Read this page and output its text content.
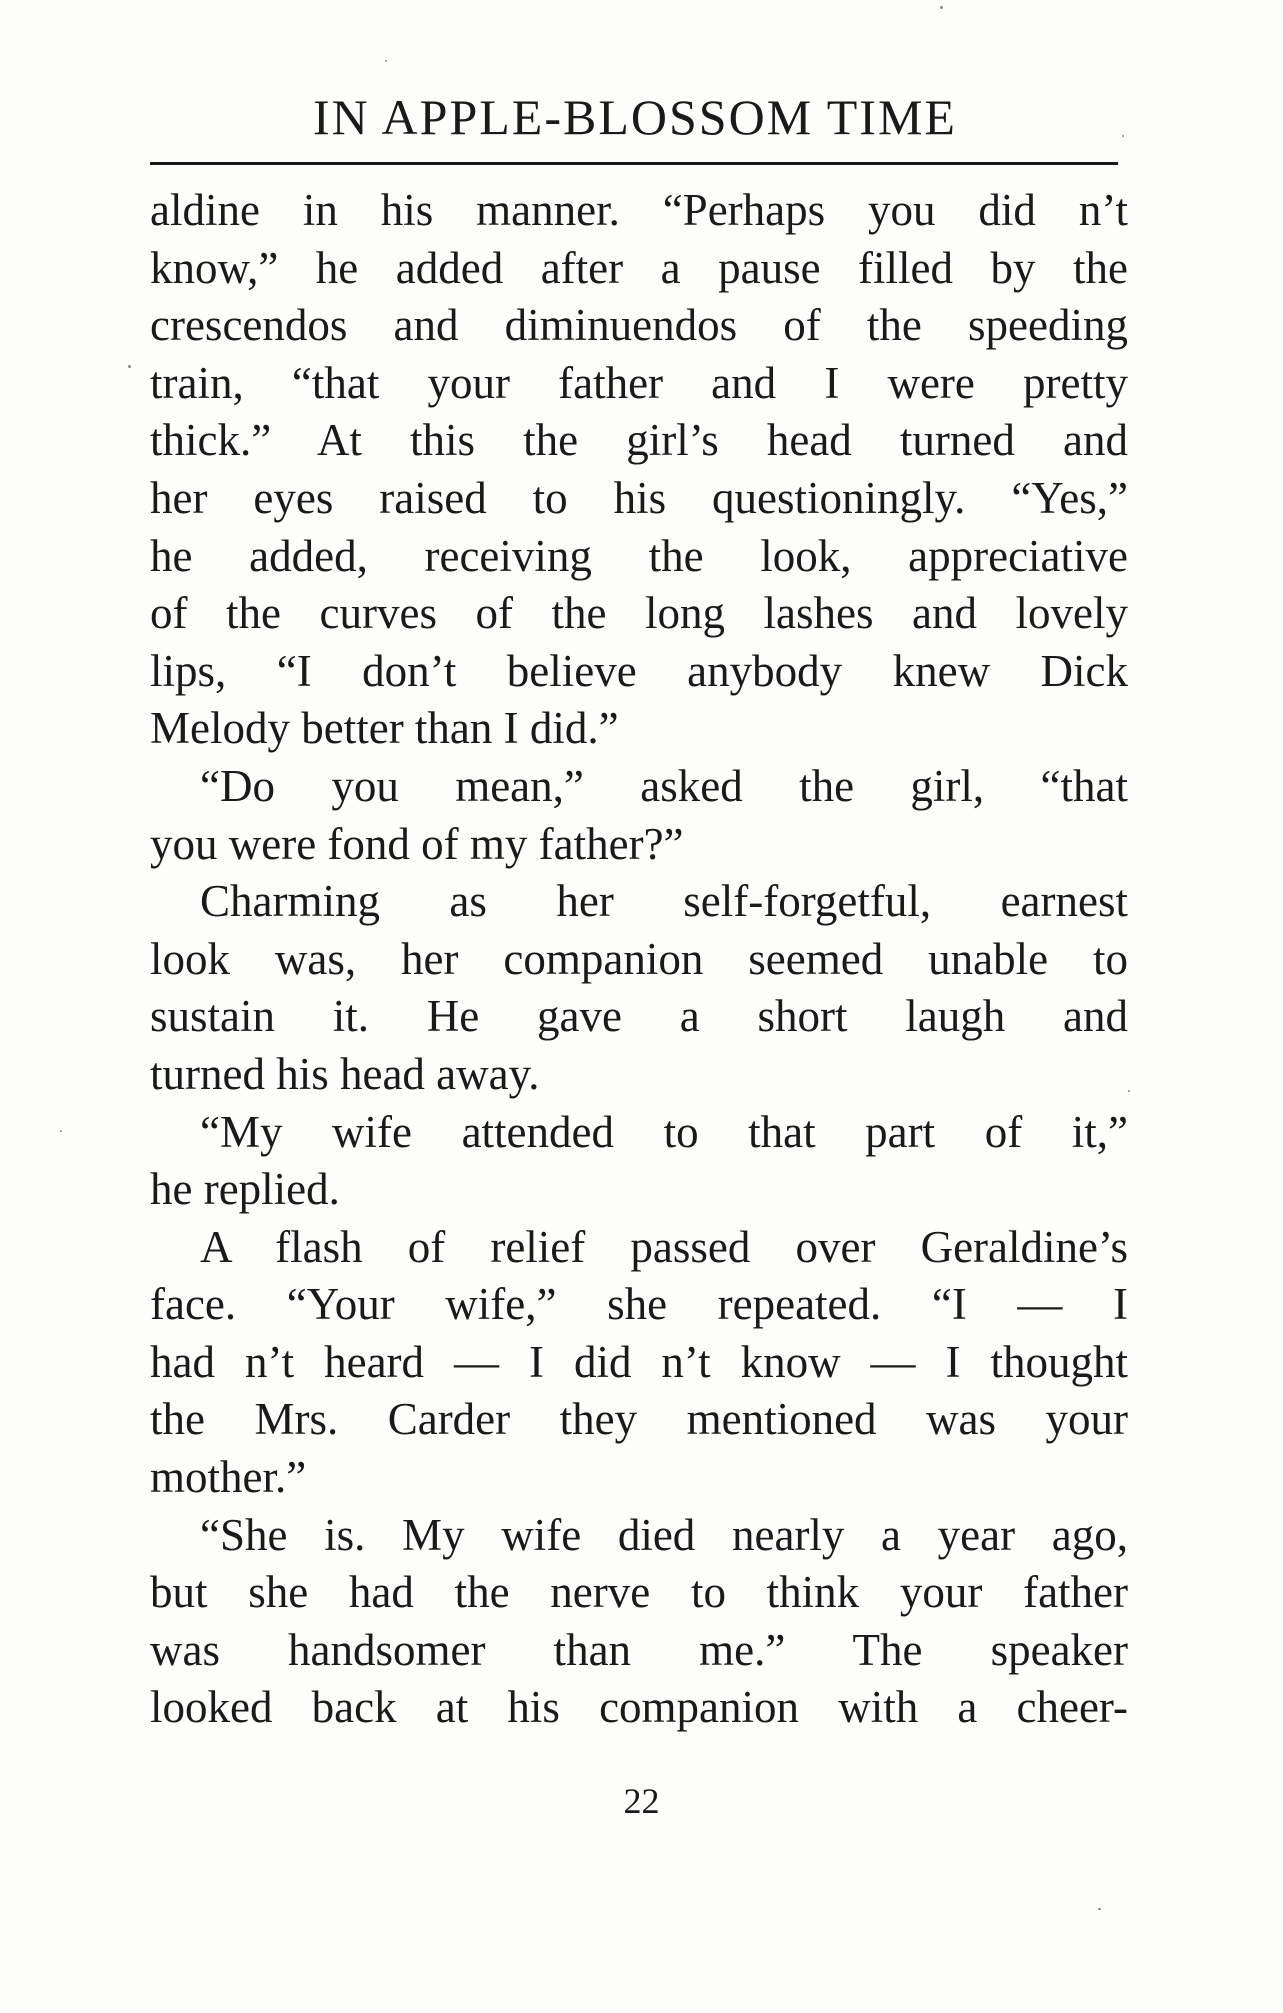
IN APPLE-BLOSSOM TIME
aldine in his manner. “Perhaps you did n’t
know,” he added after a pause filled by the
crescendos and diminuendos of the speeding
train, “that your father and I were pretty
thick.” At this the girl’s head turned and
her eyes raised to his questioningly. “Yes,”
he added, receiving the look, appreciative
of the curves of the long lashes and lovely
lips, “I don’t believe anybody knew Dick
Melody better than I did.”
“Do you mean,” asked the girl, “that
you were fond of my father?”
Charming as her self-forgetful, earnest
look was, her companion seemed unable to
sustain it. He gave a short laugh and
turned his head away.
“My wife attended to that part of it,”
he replied.
A flash of relief passed over Geraldine’s
face. “Your wife,” she repeated. “I — I
had n’t heard — I did n’t know — I thought
the Mrs. Carder they mentioned was your
mother.”
“She is. My wife died nearly a year ago,
but she had the nerve to think your father
was handsomer than me.” The speaker
looked back at his companion with a cheer-
22
